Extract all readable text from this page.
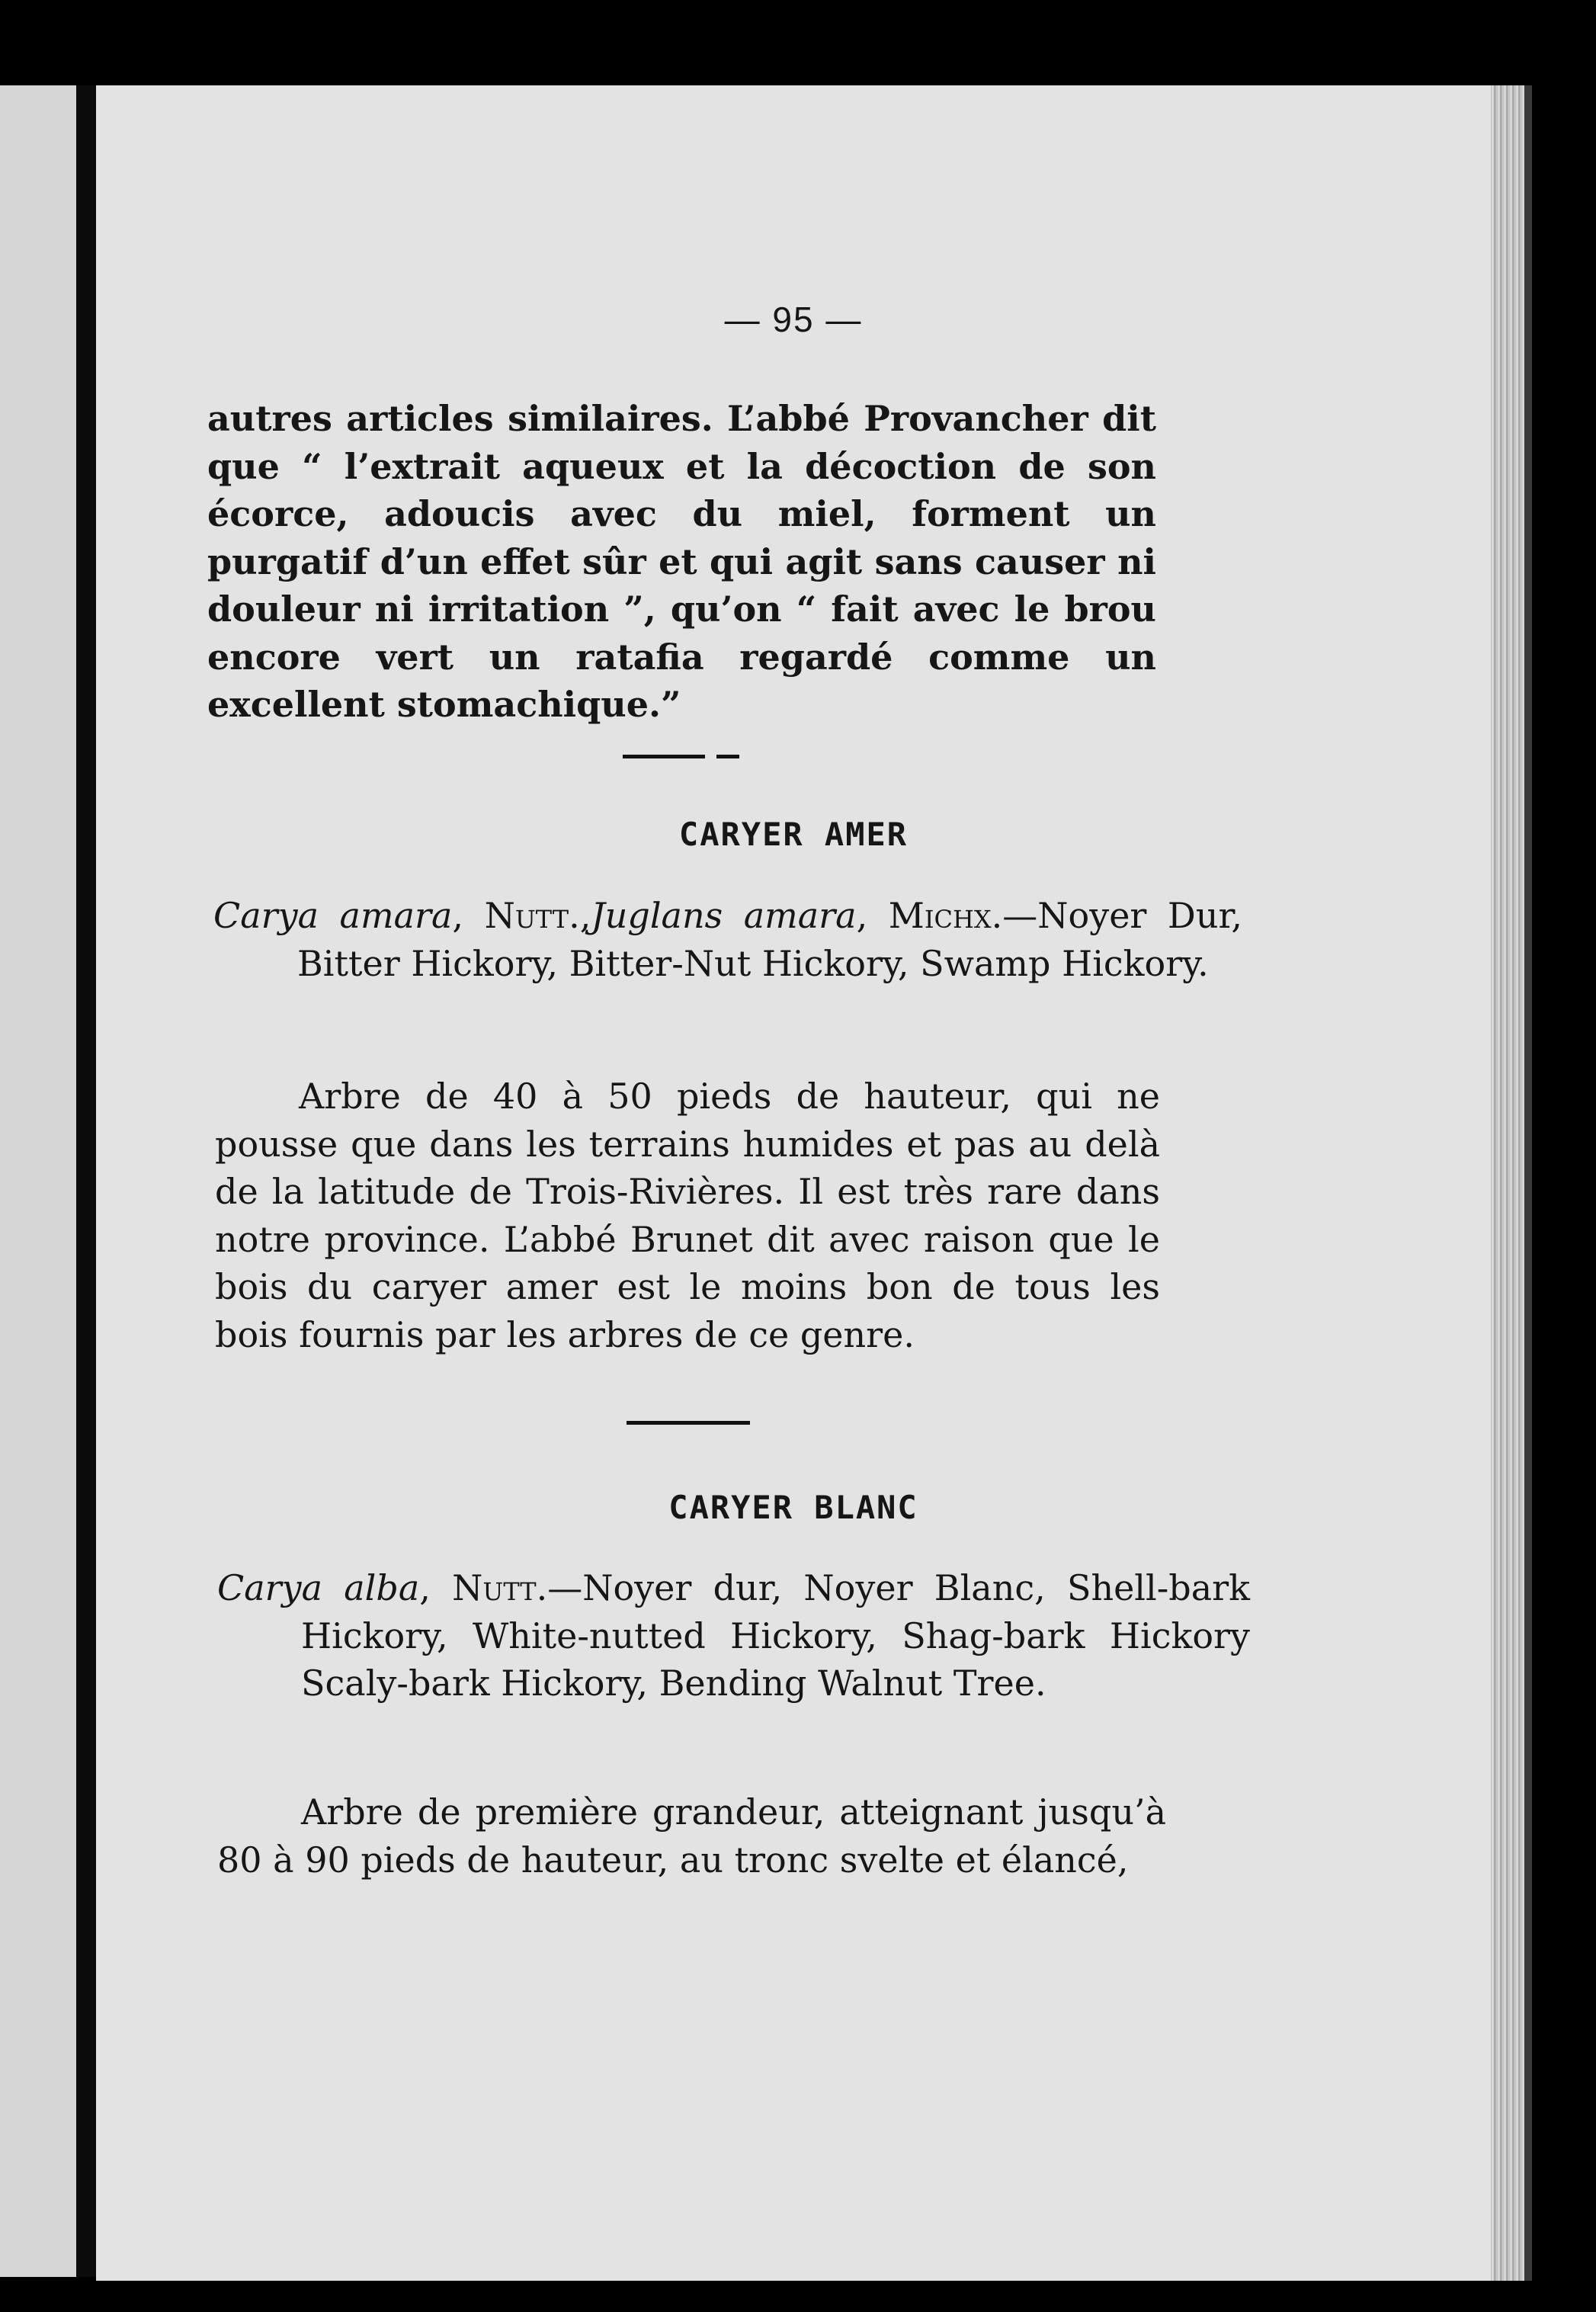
— 95 —

autres articles similaires. L’abbé Provancher dit que “ l’extrait aqueux et la décoction de son écorce, adoucis avec du miel, forment un purgatif d’un effet sûr et qui agit sans causer ni douleur ni irritation ”, qu’on “ fait avec le brou encore vert un ratafia regardé comme un excellent stomachique.”

CARYER AMER

Carya amara, Nutt.,Juglans amara, Michx.—Noyer Dur, Bitter Hickory, Bitter-Nut Hickory, Swamp Hickory.

Arbre de 40 à 50 pieds de hauteur, qui ne pousse que dans les terrains humides et pas au delà de la latitude de Trois-Rivières. Il est très rare dans notre province. L’abbé Brunet dit avec raison que le bois du caryer amer est le moins bon de tous les bois fournis par les arbres de ce genre.

CARYER BLANC

Carya alba, Nutt.—Noyer dur, Noyer Blanc, Shell-bark Hickory, White-nutted Hickory, Shag-bark Hickory Scaly-bark Hickory, Bending Walnut Tree.

Arbre de première grandeur, atteignant jusqu’à 80 à 90 pieds de hauteur, au tronc svelte et élancé,
